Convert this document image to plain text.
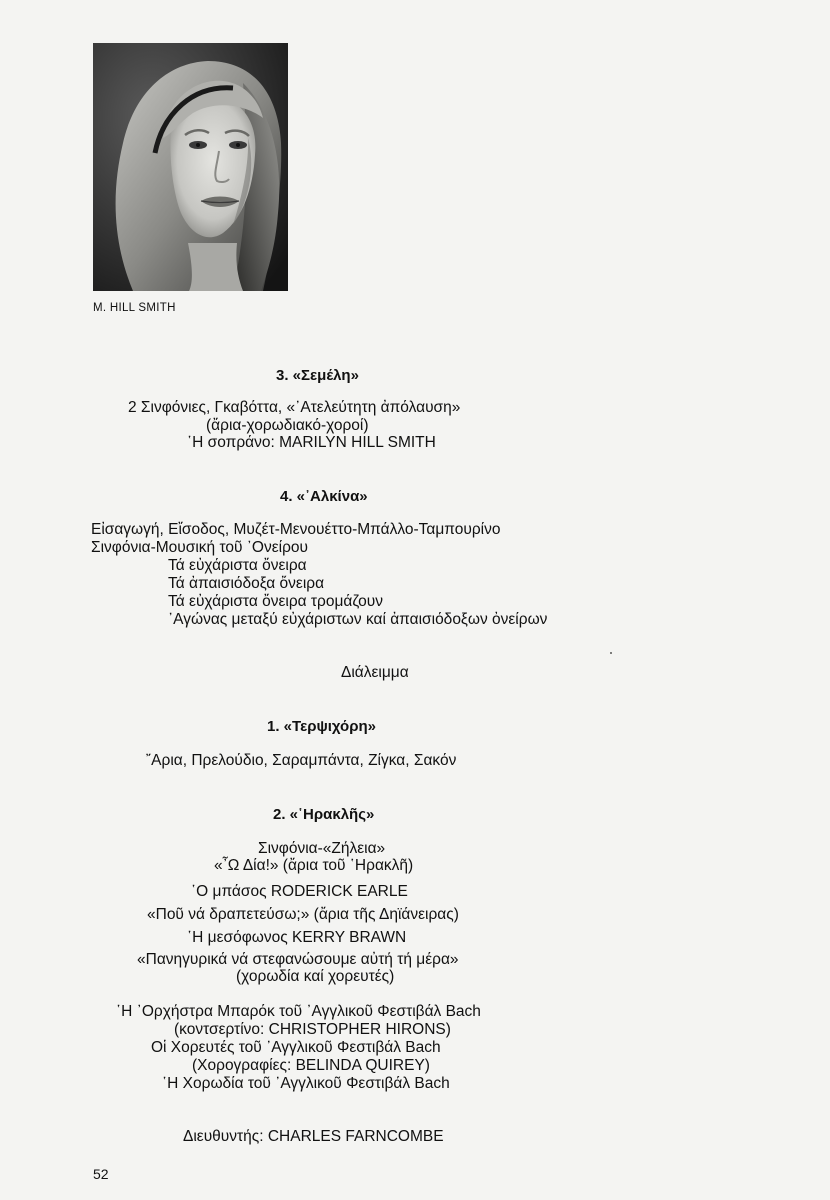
M. HILL SMITH
3. «Σεμέλη»
2 Σινφόνιες, Γκαβόττα, «᾽Ατελεύτητη ἀπόλαυση»
(ἄρια-χορωδιακό-χοροί)
῾Η σοπράνο: MARILYN HILL SMITH
4. «᾽Αλκίνα»
Εἰσαγωγή, Εἴσοδος, Μυζέτ-Μενουέττο-Μπάλλο-Ταμπουρίνο
Σινφόνια-Μουσική τοῦ ᾽Ονείρου
Τά εὐχάριστα ὄνειρα
Τά ἀπαισιόδοξα ὄνειρα
Τά εὐχάριστα ὄνειρα τρομάζουν
᾽Αγώνας μεταξύ εὐχάριστων καί ἀπαισιόδοξων ὀνείρων
Διάλειμμα
1. «Τερψιχόρη»
῎Αρια, Πρελούδιο, Σαραμπάντα, Ζίγκα, Σακόν
2. «῾Ηρακλῆς»
Σινφόνια-«Ζήλεια»
«῏Ω Δία!» (ἄρια τοῦ ῾Ηρακλῆ)
῾Ο μπάσος RODERICK EARLE
«Ποῦ νά δραπετεύσω;» (ἄρια τῆς Δηϊάνειρας)
῾Η μεσόφωνος KERRY BRAWN
«Πανηγυρικά νά στεφανώσουμε αὐτή τή μέρα»
(χορωδία καί χορευτές)
῾Η ᾽Ορχήστρα Μπαρόκ τοῦ ᾽Αγγλικοῦ Φεστιβάλ Bach
(κοντσερτίνο: CHRISTOPHER HIRONS)
Οἱ Χορευτές τοῦ ᾽Αγγλικοῦ Φεστιβάλ Bach
(Χορογραφίες: BELINDA QUIREY)
῾Η Χορωδία τοῦ ᾽Αγγλικοῦ Φεστιβάλ Bach
Διευθυντής: CHARLES FARNCOMBE
52
